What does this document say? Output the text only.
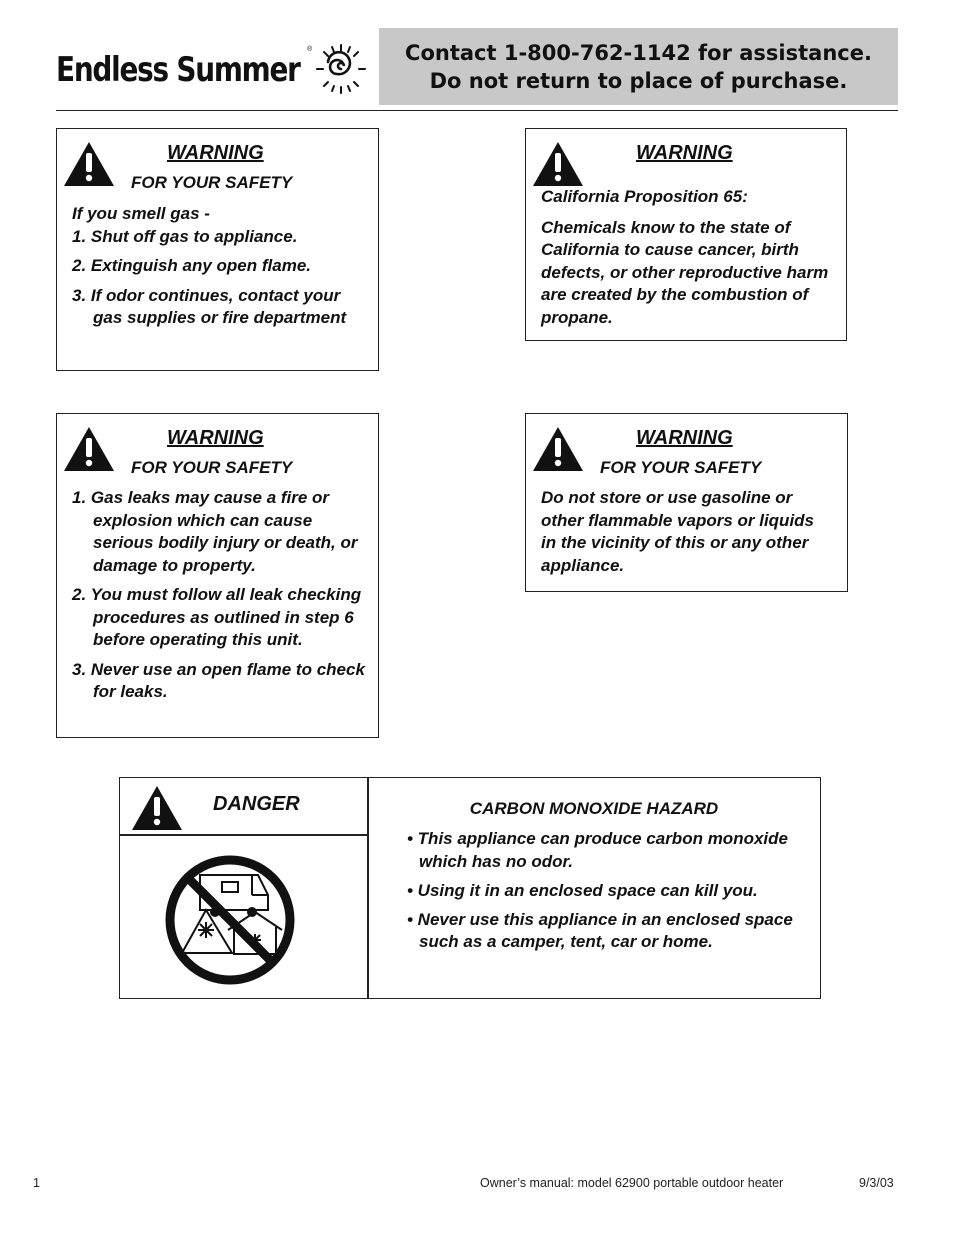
Endless Summer
®	Contact 1-800-762-1142 for assistance.
Do not return to place of purchase.
WARNING
FOR YOUR SAFETY

If you smell gas -

1. Shut off gas to appliance.

2. Extinguish any open flame.

3. If odor continues, contact your gas supplies or fire department

WARNING

California Proposition 65:

Chemicals know to the state of California to cause cancer, birth defects, or other reproductive harm are created by the combustion of propane.

WARNING
FOR YOUR SAFETY

1. Gas leaks may cause a fire or explosion which can cause serious bodily injury or death, or damage to property.

2. You must follow all leak checking procedures as outlined in step 6 before operating this unit.

3. Never use an open flame to check for leaks.

WARNING
FOR YOUR SAFETY

Do not store or use gasoline or other flammable vapors or liquids in the vicinity of this or any other appliance.

DANGER	CARBON MONOXIDE HAZARD

• This appliance can produce carbon monoxide which has no odor.

• Using it in an enclosed space can kill you.

• Never use this appliance in an enclosed space such as a camper, tent, car or home.

1	Owner’s manual: model 62900 portable outdoor heater	9/3/03
